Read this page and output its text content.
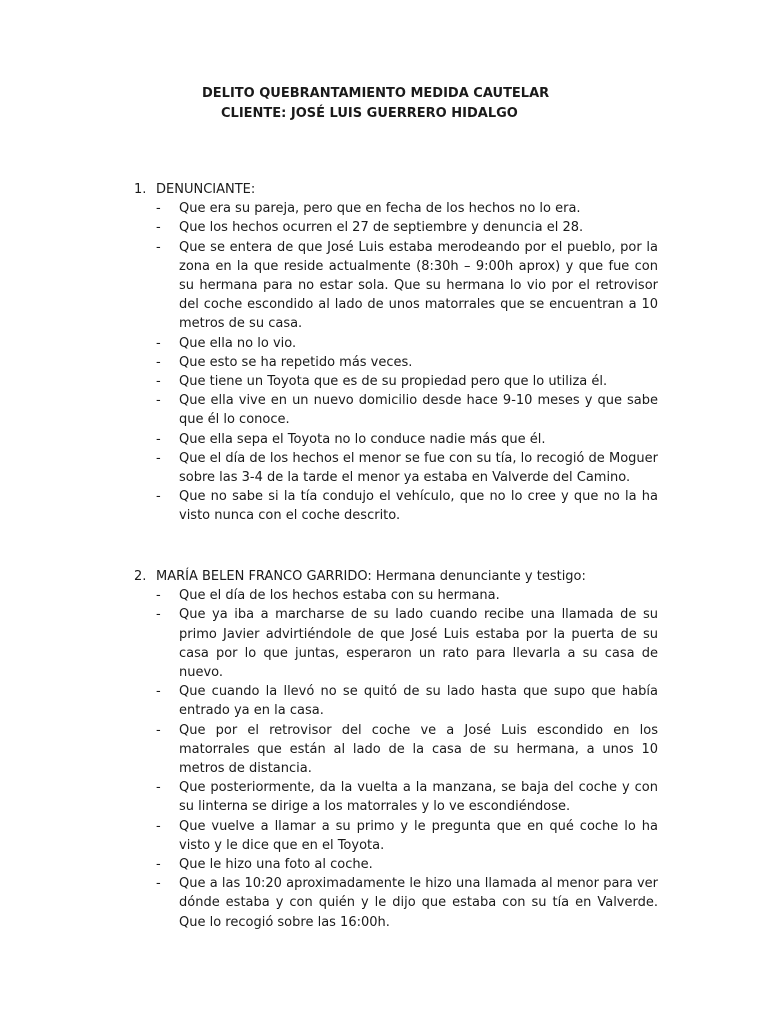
DELITO QUEBRANTAMIENTO MEDIDA CAUTELAR
CLIENTE: JOSÉ LUIS GUERRERO HIDALGO
1. DENUNCIANTE:
-	Que era su pareja, pero que en fecha de los hechos no lo era.
-	Que los hechos ocurren el 27 de septiembre y denuncia el 28.
-	Que se entera de que José Luis estaba merodeando por el pueblo, por la zona en la que reside actualmente (8:30h – 9:00h aprox) y que fue con su hermana para no estar sola. Que su hermana lo vio por el retrovisor del coche escondido al lado de unos matorrales que se encuentran a 10 metros de su casa.
-	Que ella no lo vio.
-	Que esto se ha repetido más veces.
-	Que tiene un Toyota que es de su propiedad pero que lo utiliza él.
-	Que ella vive en un nuevo domicilio desde hace 9-10 meses y que sabe que él lo conoce.
-	Que ella sepa el Toyota no lo conduce nadie más que él.
-	Que el día de los hechos el menor se fue con su tía, lo recogió de Moguer sobre las 3-4 de la tarde el menor ya estaba en Valverde del Camino.
-	Que no sabe si la tía condujo el vehículo, que no lo cree y que no la ha visto nunca con el coche descrito.
2. MARÍA BELEN FRANCO GARRIDO: Hermana denunciante y testigo:
-	Que el día de los hechos estaba con su hermana.
-	Que ya iba a marcharse de su lado cuando recibe una llamada de su primo Javier advirtiéndole de que José Luis estaba por la puerta de su casa por lo que juntas, esperaron un rato para llevarla a su casa de nuevo.
-	Que cuando la llevó no se quitó de su lado hasta que supo que había entrado ya en la casa.
-	Que por el retrovisor del coche ve a José Luis escondido en los matorrales que están al lado de la casa de su hermana, a unos 10 metros de distancia.
-	Que posteriormente, da la vuelta a la manzana, se baja del coche y con su linterna se dirige a los matorrales y lo ve escondiéndose.
-	Que vuelve a llamar a su primo y le pregunta que en qué coche lo ha visto y le dice que en el Toyota.
-	Que le hizo una foto al coche.
-	Que a las 10:20 aproximadamente le hizo una llamada al menor para ver dónde estaba y con quién y le dijo que estaba con su tía en Valverde. Que lo recogió sobre las 16:00h.
